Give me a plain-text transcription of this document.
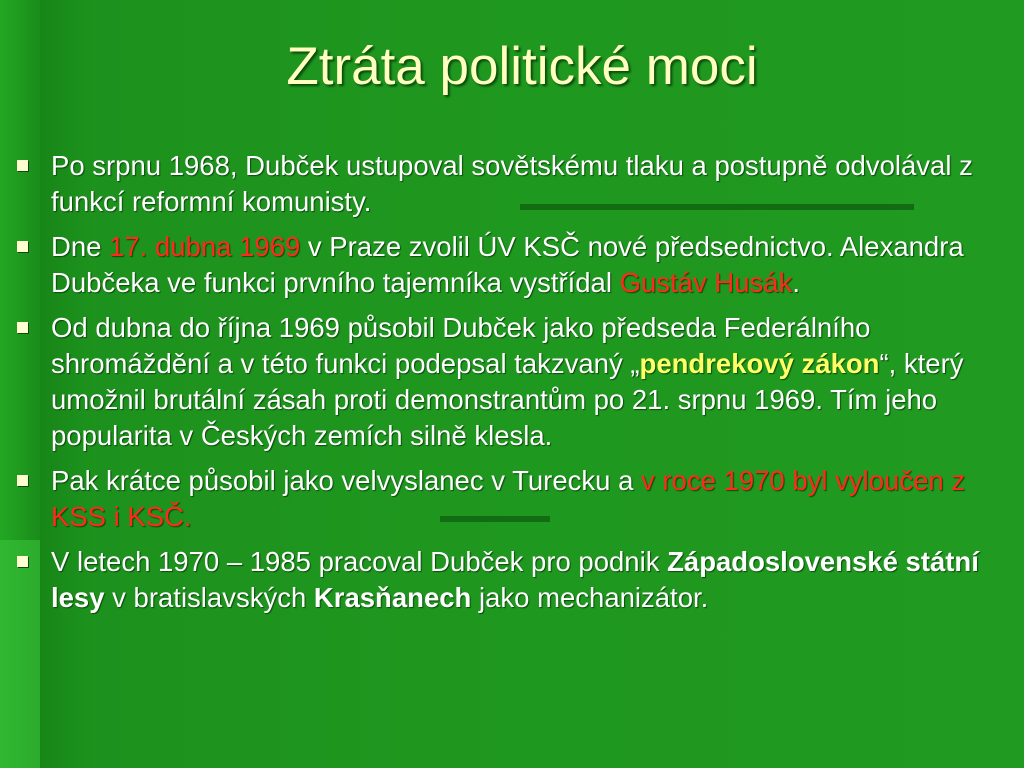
Ztráta politické moci
Po srpnu 1968, Dubček ustupoval sovětskému tlaku a postupně odvolával z funkcí reformní komunisty.
Dne 17. dubna 1969 v Praze zvolil ÚV KSČ nové předsednictvo. Alexandra Dubčeka ve funkci prvního tajemníka vystřídal Gustáv Husák.
Od dubna do října 1969 působil Dubček jako předseda Federálního shromáždění a v této funkci podepsal takzvaný „pendrekový zákon“, který umožnil brutální zásah proti demonstrantům po 21. srpnu 1969. Tím jeho popularita v Českých zemích silně klesla.
Pak krátce působil jako velvyslanec v Turecku a v roce 1970 byl vyloučen z KSS i KSČ.
V letech 1970 – 1985 pracoval Dubček pro podnik Západoslovenské státní lesy v bratislavských Krasňanech jako mechanizátor.
